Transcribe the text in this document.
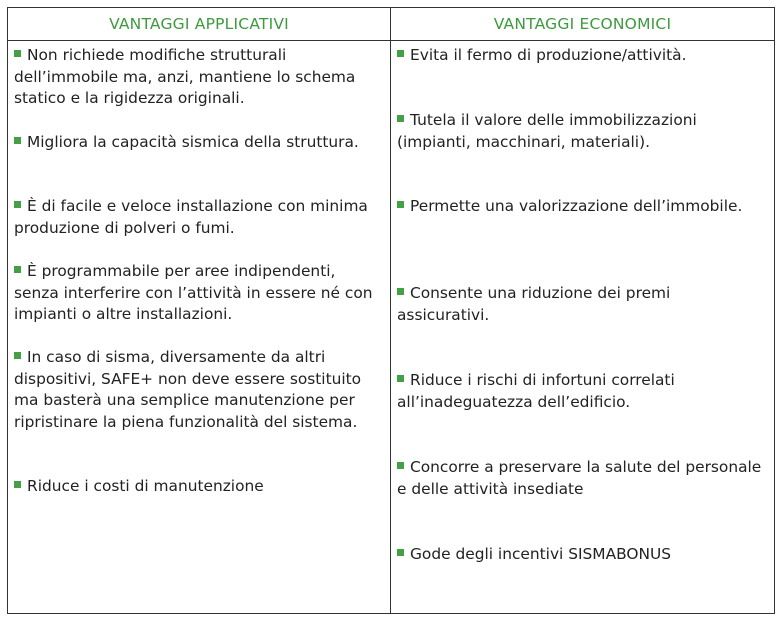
VANTAGGI APPLICATIVI	VANTAGGI ECONOMICI

Non richiede modifiche strutturali dell’immobile ma, anzi, mantiene lo schema statico e la rigidezza originali.

Migliora la capacità sismica della struttura.

È di facile e veloce installazione con minima produzione di polveri o fumi.

È programmabile per aree indipendenti, senza interferire con l’attività in essere né con impianti o altre installazioni.

In caso di sisma, diversamente da altri dispositivi, SAFE+ non deve essere sostituito ma basterà una semplice manutenzione per ripristinare la piena funzionalità del sistema.

Riduce i costi di manutenzione

Evita il fermo di produzione/attività.

Tutela il valore delle immobilizzazioni (impianti, macchinari, materiali).

Permette una valorizzazione dell’immobile.

Consente una riduzione dei premi assicurativi.

Riduce i rischi di infortuni correlati all’inadeguatezza dell’edificio.

Concorre a preservare la salute del personale e delle attività insediate

Gode degli incentivi SISMABONUS
